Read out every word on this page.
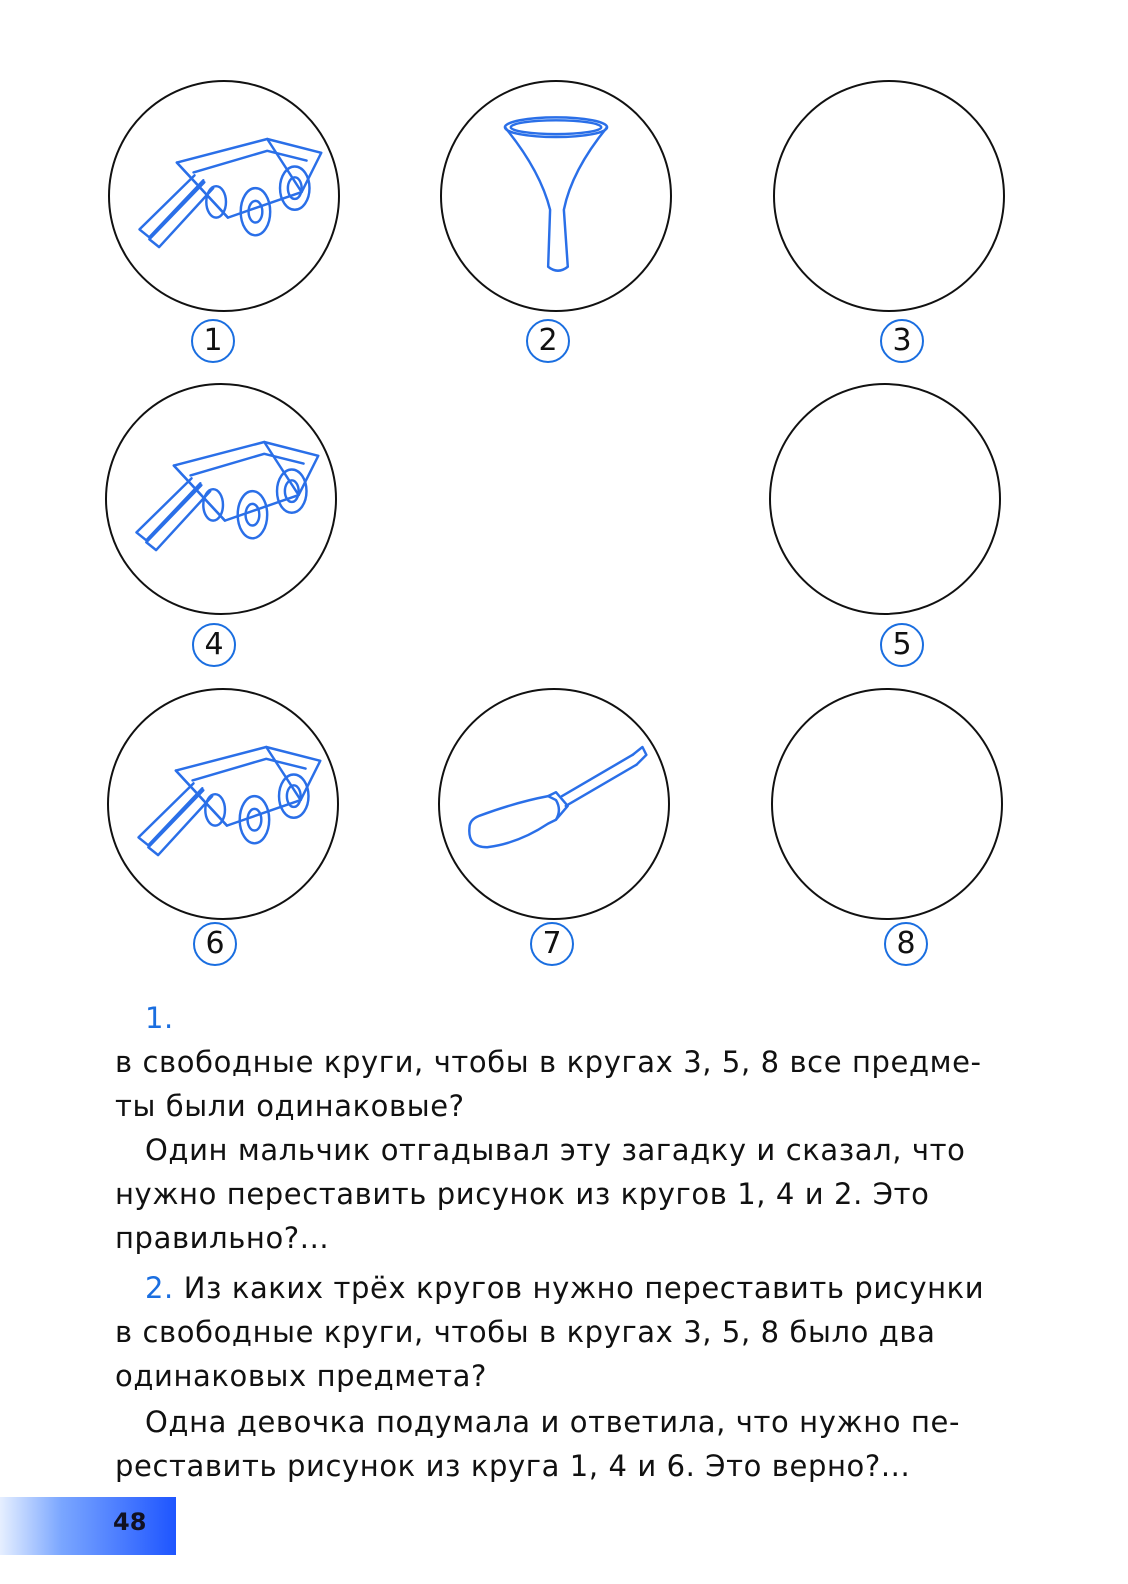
1	2	3
4	5
6	7	8

1.

в свободные круги, чтобы в кругах 3, 5, 8 все предме-

ты были одинаковые?

Один мальчик отгадывал эту загадку и сказал, что

нужно переставить рисунок из кругов 1, 4 и 2. Это

правильно?...

2. Из каких трёх кругов нужно переставить рисунки

в свободные круги, чтобы в кругах 3, 5, 8 было два

одинаковых предмета?

Одна девочка подумала и ответила, что нужно пе-

реставить рисунок из круга 1, 4 и 6. Это верно?...

48
